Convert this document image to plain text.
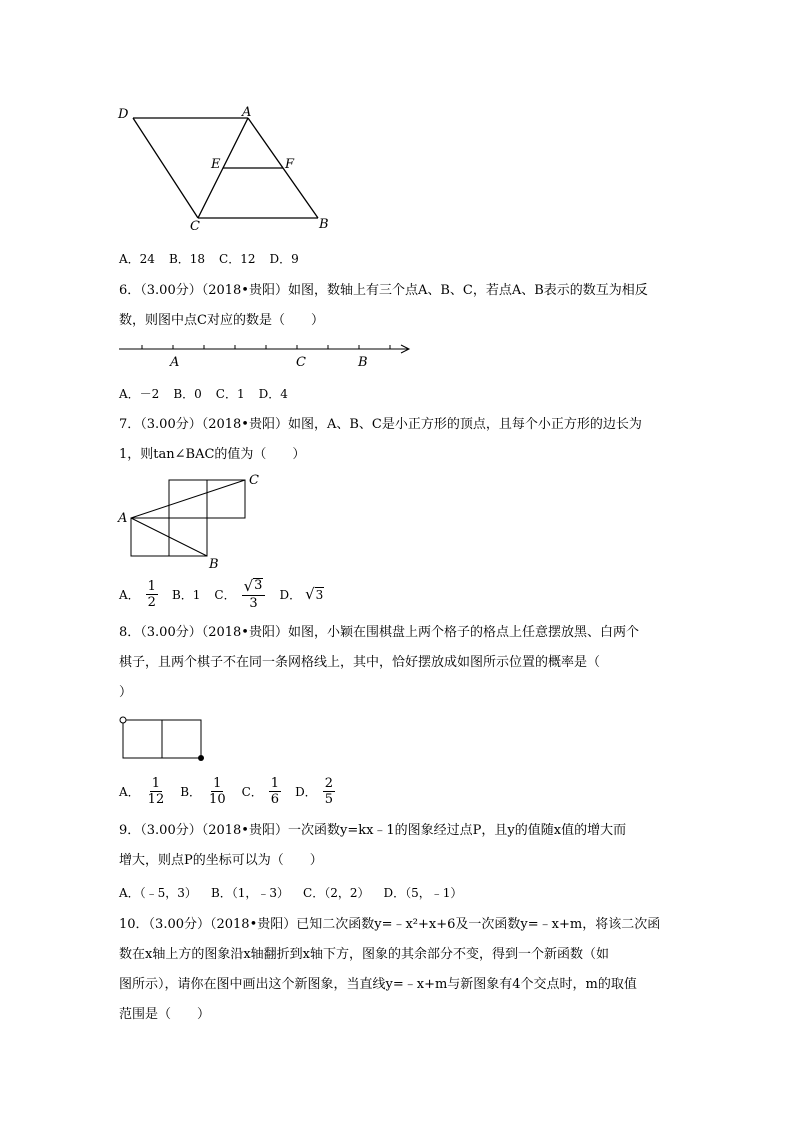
D	A
E	F
C	B
A．24 B．18 C．12 D．9
6．（3.00分）（2018•贵阳）如图，数轴上有三个点A、B、C，若点A、B表示的数互为相反
数，则图中点C对应的数是（　　）
A	C	B
A．－2 B．0 C．1 D．4
7．（3.00分）（2018•贵阳）如图，A、B、C是小正方形的顶点，且每个小正方形的边长为
1，则tan∠BAC的值为（　　）
A
B
C
A． $\frac{1}{2}$ B．1 C． $\frac{√ 3}{3}$ D． √ 3
8．（3.00分）（2018•贵阳）如图，小颖在围棋盘上两个格子的格点上任意摆放黑、白两个
棋子，且两个棋子不在同一条网格线上，其中，恰好摆放成如图所示位置的概率是（
）
A． $\frac{1}{12}$ B． $\frac{1}{10}$ C． $\frac{1}{6}$ D． $\frac{2}{5}$
9．（3.00分）（2018•贵阳）一次函数y=kx﹣1的图象经过点P，且y的值随x值的增大而
增大，则点P的坐标可以为（　　）
A．（﹣5，3） B．（1，﹣3） C．（2，2） D．（5，﹣1）
10．（3.00分）（2018•贵阳）已知二次函数y=﹣x²+x+6及一次函数y=﹣x+m，将该二次函
数在x轴上方的图象沿x轴翻折到x轴下方，图象的其余部分不变，得到一个新函数（如
图所示），请你在图中画出这个新图象，当直线y=﹣x+m与新图象有4个交点时，m的取值
范围是（　　）
